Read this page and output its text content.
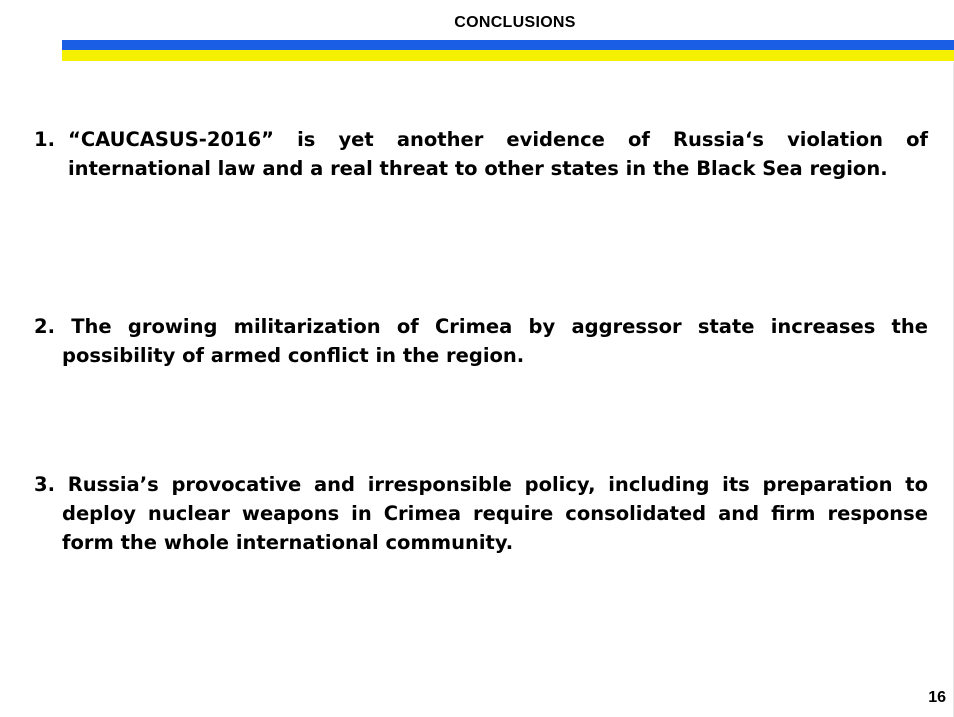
CONCLUSIONS
1. “CAUCASUS-2016” is yet another evidence of Russia‘s violation of international law and a real threat to other states in the Black Sea region.
2. The growing militarization of Crimea by aggressor state increases the possibility of armed conflict in the region.
3. Russia’s provocative and irresponsible policy, including its preparation to deploy nuclear weapons in Crimea require consolidated and firm response form the whole international community.
16
